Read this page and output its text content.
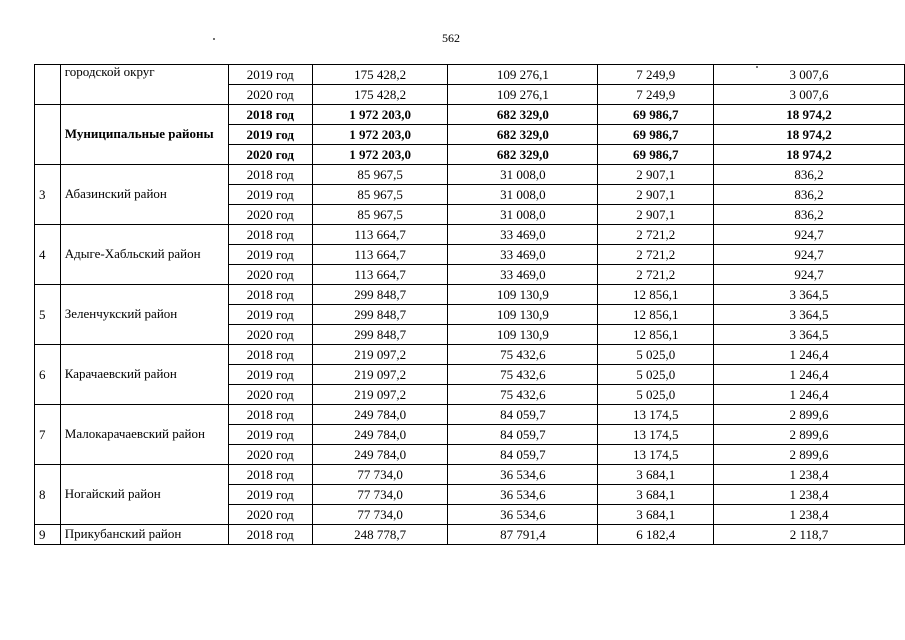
562
	городской округ	2019 год	175 428,2	109 276,1	7 249,9	3 007,6
		2020 год	175 428,2	109 276,1	7 249,9	3 007,6
	Муниципальные районы	2018 год	1 972 203,0	682 329,0	69 986,7	18 974,2
		2019 год	1 972 203,0	682 329,0	69 986,7	18 974,2
		2020 год	1 972 203,0	682 329,0	69 986,7	18 974,2
3	Абазинский район	2018 год	85 967,5	31 008,0	2 907,1	836,2
		2019 год	85 967,5	31 008,0	2 907,1	836,2
		2020 год	85 967,5	31 008,0	2 907,1	836,2
4	Адыге-Хабльский район	2018 год	113 664,7	33 469,0	2 721,2	924,7
		2019 год	113 664,7	33 469,0	2 721,2	924,7
		2020 год	113 664,7	33 469,0	2 721,2	924,7
5	Зеленчукский район	2018 год	299 848,7	109 130,9	12 856,1	3 364,5
		2019 год	299 848,7	109 130,9	12 856,1	3 364,5
		2020 год	299 848,7	109 130,9	12 856,1	3 364,5
6	Карачаевский район	2018 год	219 097,2	75 432,6	5 025,0	1 246,4
		2019 год	219 097,2	75 432,6	5 025,0	1 246,4
		2020 год	219 097,2	75 432,6	5 025,0	1 246,4
7	Малокарачаевский район	2018 год	249 784,0	84 059,7	13 174,5	2 899,6
		2019 год	249 784,0	84 059,7	13 174,5	2 899,6
		2020 год	249 784,0	84 059,7	13 174,5	2 899,6
8	Ногайский район	2018 год	77 734,0	36 534,6	3 684,1	1 238,4
		2019 год	77 734,0	36 534,6	3 684,1	1 238,4
		2020 год	77 734,0	36 534,6	3 684,1	1 238,4
9	Прикубанский район	2018 год	248 778,7	87 791,4	6 182,4	2 118,7
